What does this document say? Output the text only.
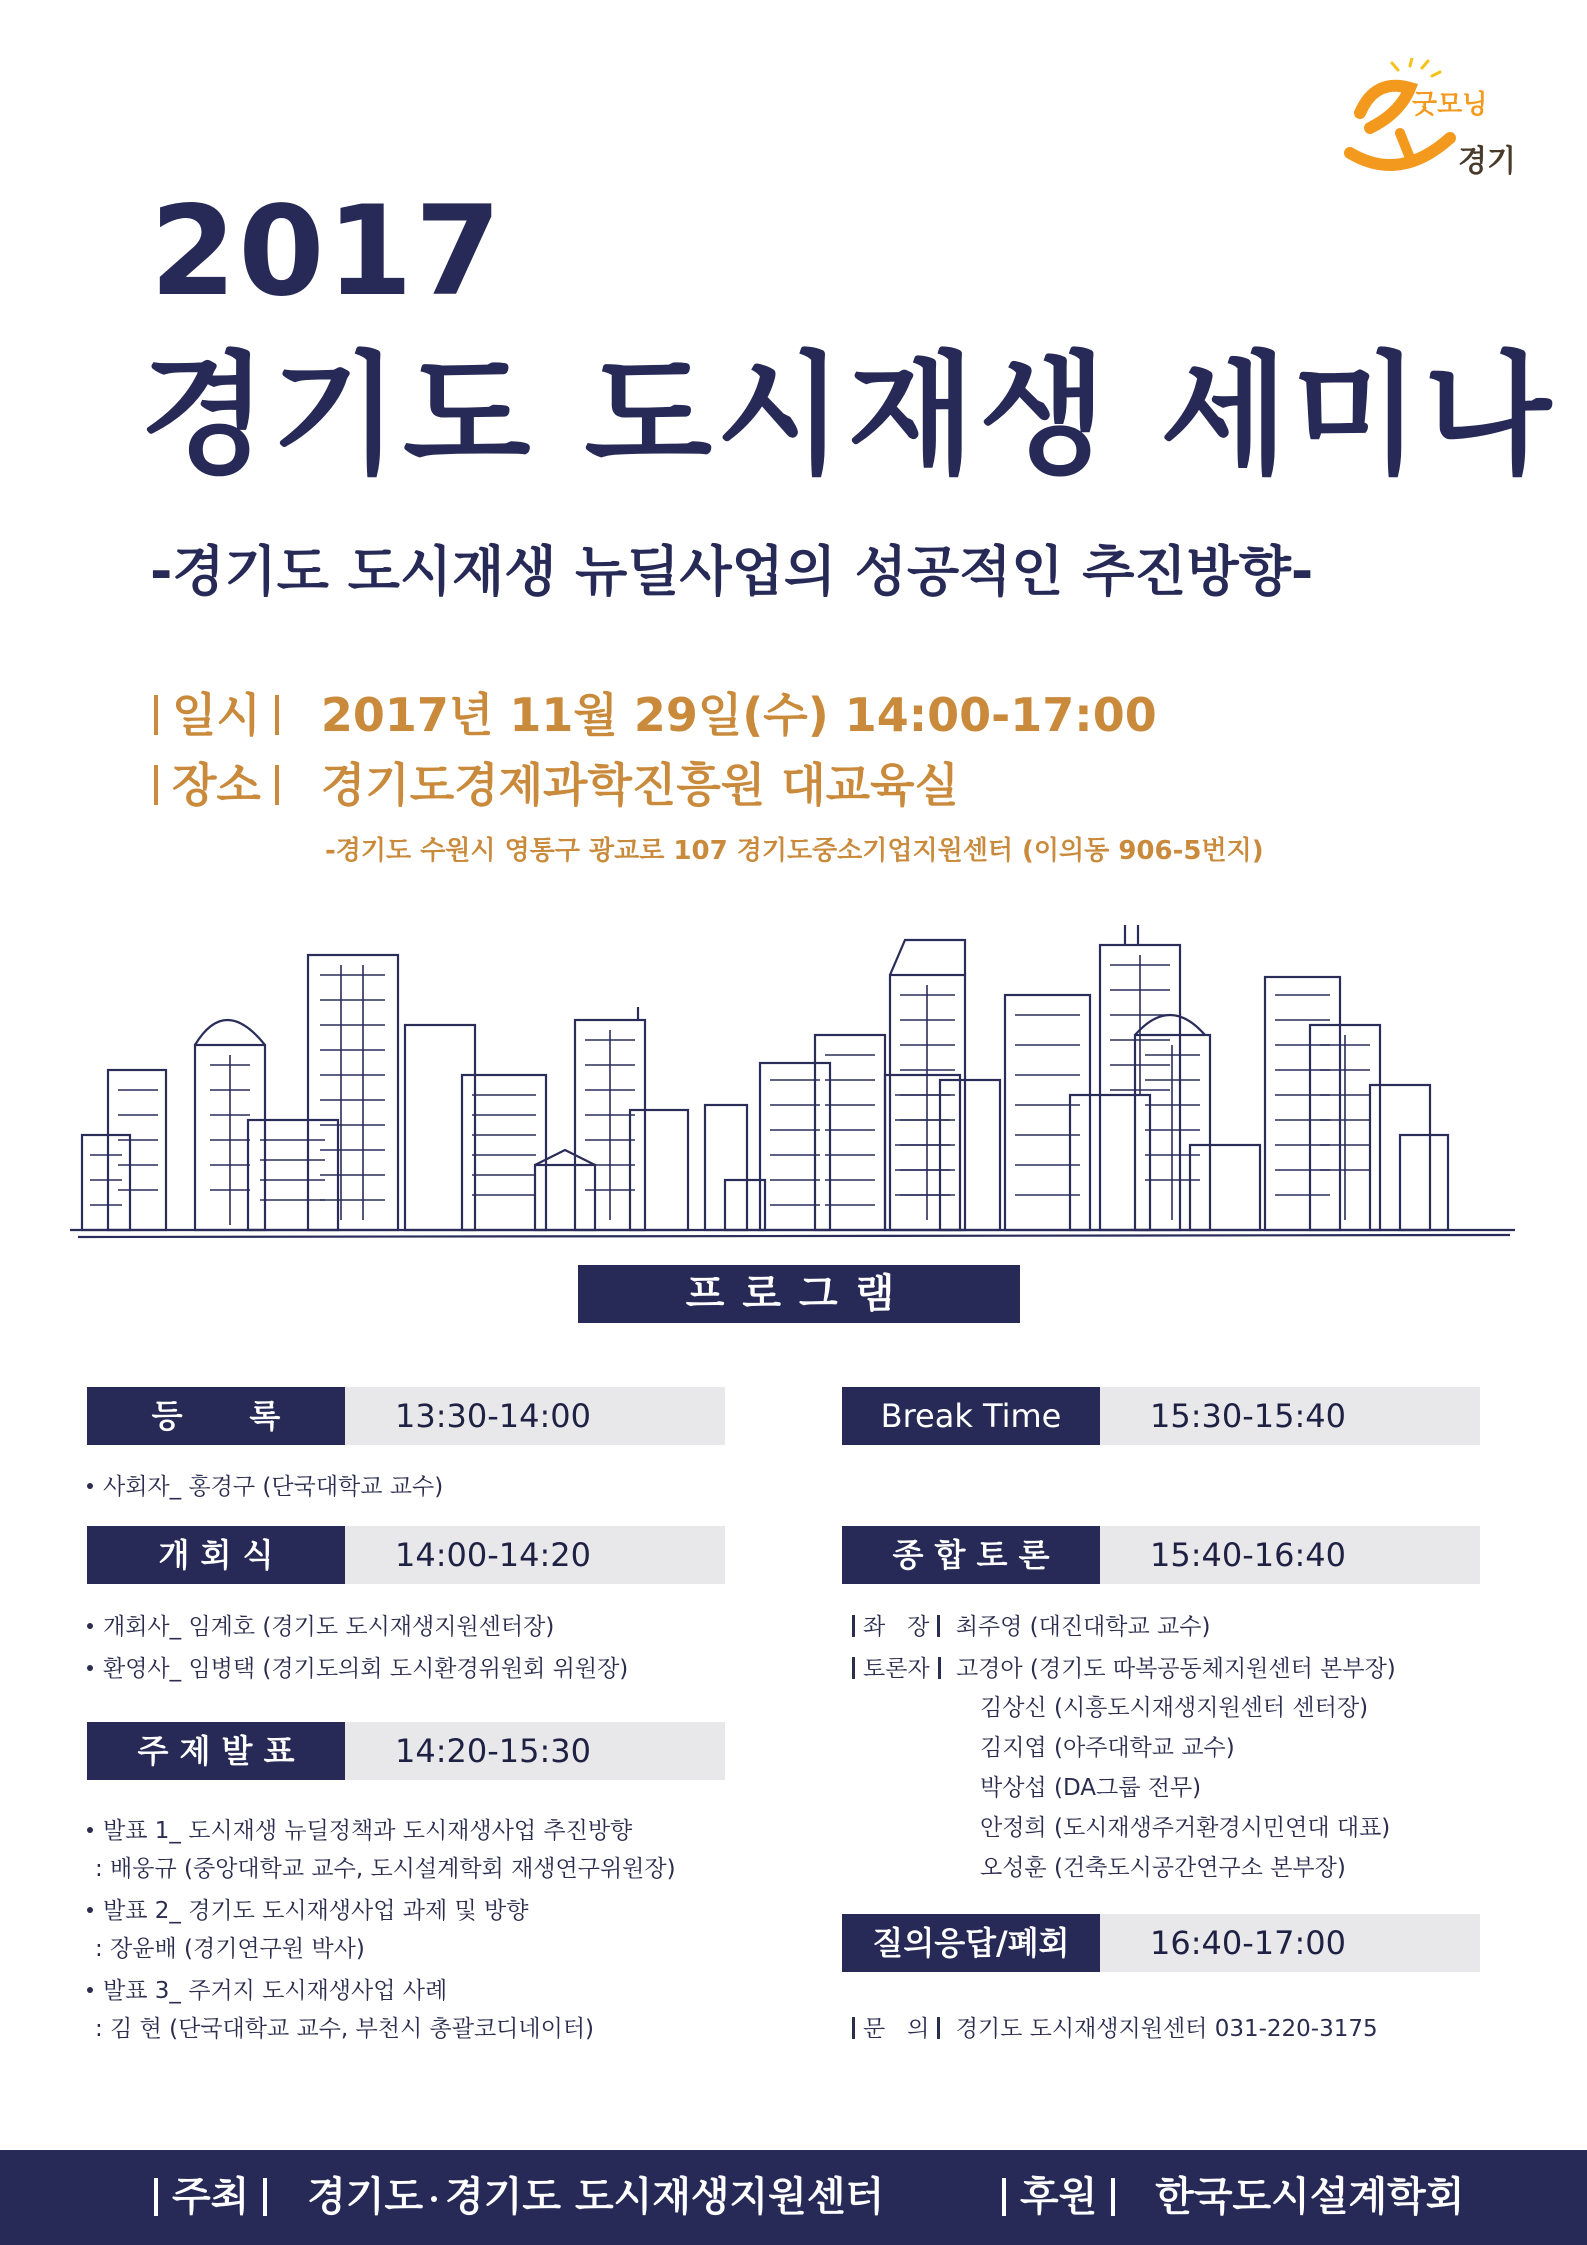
굿모닝
경기
2017
경기도 도시재생 세미나
-경기도 도시재생 뉴딜사업의 성공적인 추진방향-
일시 2017년 11월 29일(수) 14:00-17:00
장소 경기도경제과학진흥원 대교육실
-경기도 수원시 영통구 광교로 107 경기도중소기업지원센터 (이의동 906-5번지)
프로그램
등      록	13:30-14:00
사회자_ 홍경구 (단국대학교 교수)
개 회 식	14:00-14:20
개회사_ 임계호 (경기도 도시재생지원센터장)
환영사_ 임병택 (경기도의회 도시환경위원회 위원장)
주 제 발 표	14:20-15:30
발표 1_ 도시재생 뉴딜정책과 도시재생사업 추진방향
: 배웅규 (중앙대학교 교수, 도시설계학회 재생연구위원장)
발표 2_ 경기도 도시재생사업 과제 및 방향
: 장윤배 (경기연구원 박사)
발표 3_ 주거지 도시재생사업 사례
: 김 현 (단국대학교 교수, 부천시 총괄코디네이터)
Break Time	15:30-15:40
종 합 토 론	15:40-16:40
좌   장 최주영 (대진대학교 교수)
토론자 고경아 (경기도 따복공동체지원센터 본부장)
김상신 (시흥도시재생지원센터 센터장)
김지엽 (아주대학교 교수)
박상섭 (DA그룹 전무)
안정희 (도시재생주거환경시민연대 대표)
오성훈 (건축도시공간연구소 본부장)
질의응답/폐회	16:40-17:00
문   의 경기도 도시재생지원센터 031-220-3175
주최 경기도 경기도 도시재생지원센터	후원 한국도시설계학회
